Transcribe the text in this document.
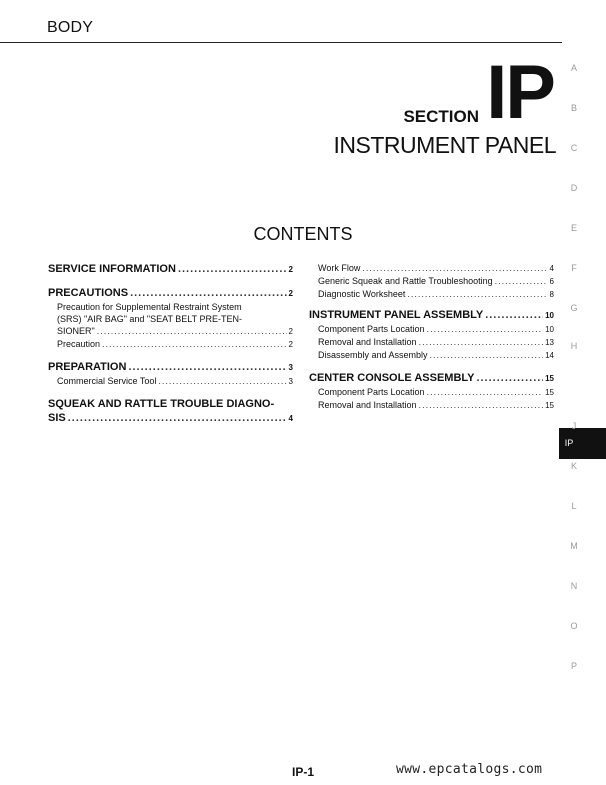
BODY
SECTION IP
INSTRUMENT PANEL
CONTENTS
SERVICE INFORMATION .....	2
PRECAUTIONS .....	2
Precaution for Supplemental Restraint System
(SRS) "AIR BAG" and "SEAT BELT PRE-TEN-
SIONER" .....	2
Precaution .....	2
PREPARATION .....	3
Commercial Service Tool .....	3
SQUEAK AND RATTLE TROUBLE DIAGNO-
SIS .....	4
Work Flow .....	4
Generic Squeak and Rattle Troubleshooting .....	6
Diagnostic Worksheet .....	8
INSTRUMENT PANEL ASSEMBLY .....	10
Component Parts Location .....	10
Removal and Installation .....	13
Disassembly and Assembly .....	14
CENTER CONSOLE ASSEMBLY .....	15
Component Parts Location .....	15
Removal and Installation .....	15
A
B
C
D
E
F
G
H
IP
J
K
L
M
N
O
P
IP-1	www.epcatalogs.com
